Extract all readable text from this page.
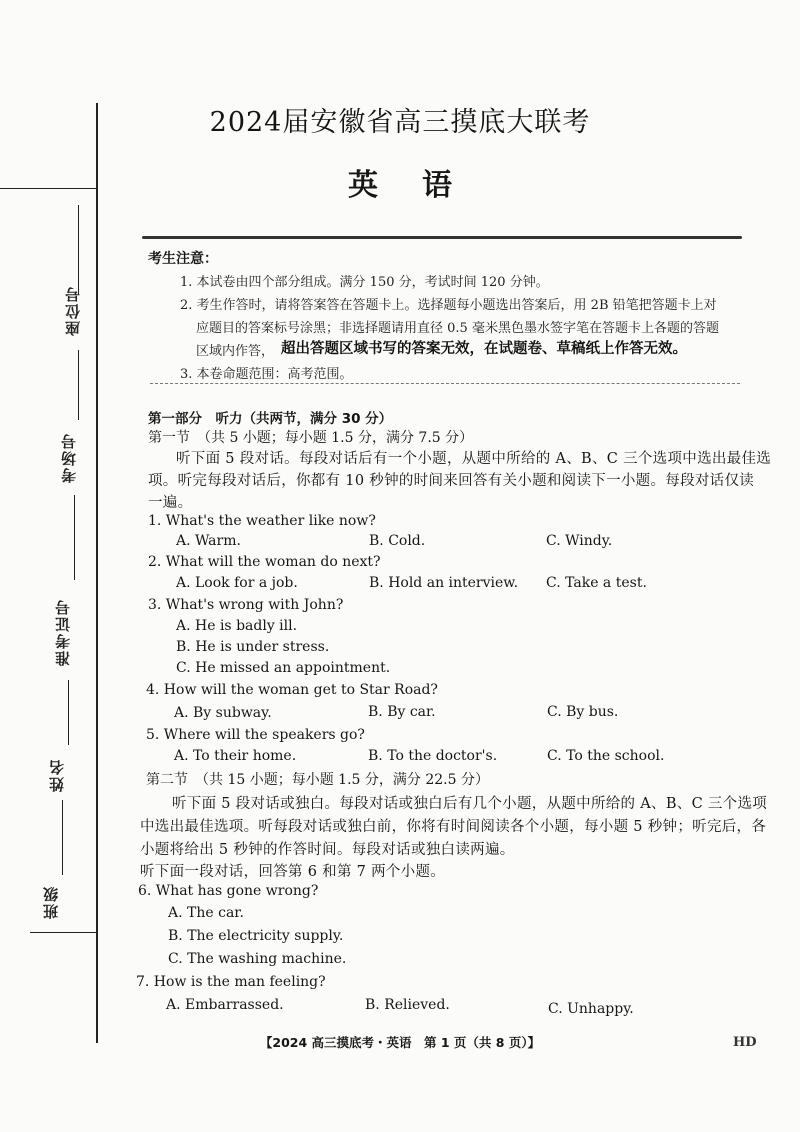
座位号
考场号
准考证号
姓名
班级
2024届安徽省高三摸底大联考
英语
考生注意：
1. 本试卷由四个部分组成。满分 150 分，考试时间 120 分钟。
2. 考生作答时，请将答案答在答题卡上。选择题每小题选出答案后，用 2B 铅笔把答题卡上对
应题目的答案标号涂黑；非选择题请用直径 0.5 毫米黑色墨水签字笔在答题卡上各题的答题
区域内作答， 超出答题区域书写的答案无效，在试题卷、草稿纸上作答无效。
3. 本卷命题范围：高考范围。
第一部分　听力（共两节，满分 30 分）
第一节　（共 5 小题；每小题 1.5 分，满分 7.5 分）
听下面 5 段对话。每段对话后有一个小题，从题中所给的 A、B、C 三个选项中选出最佳选
项。听完每段对话后，你都有 10 秒钟的时间来回答有关小题和阅读下一小题。每段对话仅读
一遍。
1. What's the weather like now?
A. Warm.	B. Cold.	C. Windy.
2. What will the woman do next?
A. Look for a job.	B. Hold an interview. C. Take a test.
3. What's wrong with John?
A. He is badly ill.
B. He is under stress.
C. He missed an appointment.
4. How will the woman get to Star Road?
A. By subway.	B. By car.	C. By bus.
5. Where will the speakers go?
A. To their home.	B. To the doctor's.	C. To the school.
第二节　（共 15 小题；每小题 1.5 分，满分 22.5 分）
听下面 5 段对话或独白。每段对话或独白后有几个小题，从题中所给的 A、B、C 三个选项
中选出最佳选项。听每段对话或独白前，你将有时间阅读各个小题，每小题 5 秒钟；听完后，各
小题将给出 5 秒钟的作答时间。每段对话或独白读两遍。
听下面一段对话，回答第 6 和第 7 两个小题。
6. What has gone wrong?
A. The car.
B. The electricity supply.
C. The washing machine.
7. How is the man feeling?
A. Embarrassed.	B. Relieved.	C. Unhappy.
【2024 高三摸底考・英语　第 1 页（共 8 页）】	HD
